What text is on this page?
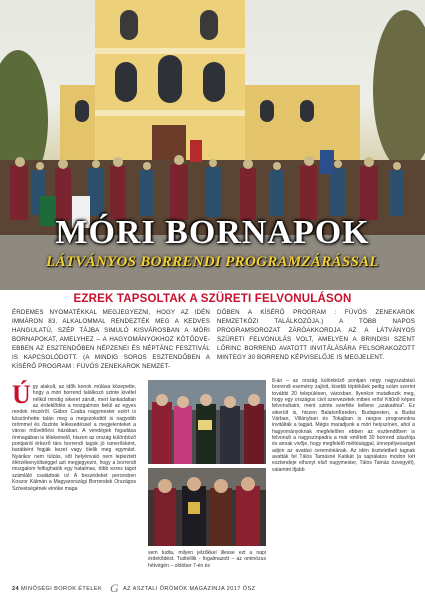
MÓRI BORNAPOK
LÁTVÁNYOS BORRENDI PROGRAMZÁRÁSSAL
EZREK TAPSOLTAK A SZÜRETI FELVONULÁSON
ÉRDEMES NYOMATÉKKAL MEGJEGYEZNI, HOGY AZ IDÉN IMMÁRON 83. ALKALOMMAL RENDEZTÉK MEG A KEDVES HANGULATÚ, SZÉP TÁJBA SIMULÓ KISVÁROSBAN A MÓRI BORNAPOKAT, AMELYHEZ – A HAGYOMÁNYOKHOZ KÖTŐDVE- EBBEN AZ ESZTENDŐBEN NÉPZENEI ÉS NÉPTÁNC FESZTIVÁL IS KAPCSOLÓDOTT. (A MINDIG SOROS ESZTENDŐBEN A KÍSÉRŐ PROGRAM : FÚVÓS ZENEKAROK NEMZET-
DŐBEN A KÍSÉRŐ PROGRAM : FÚVÓS ZENEKAROK NEMZETKÖZI TALÁLKOZÓJA.) A TÖBB NAPOS PROGRAMSOROZAT ZÁRÓAKKORDJA AZ A LÁTVÁNYOS SZÜRETI FELVONULÁS VOLT, AMELYEN A BRINDISI SZENT LŐRINC BORREND AVATOTT INVITÁLÁSÁRA FELSORAKOZOTT MINTEGY 30 BORREND KÉPVISELŐJE IS MEGJELENT.
Ú gy alakult, az idők konok múlása közepette, hogy a móri borrend találkozó szinte kivétel nélkül mindig sikeret zárult, mert lankadatlan az érdeklődés a mozgalmon belül az egyes rendek részéről. Gábor Csaba nagymester ezért is köszönhette talán meg a megszokottól is nagyobb örömmel és őszinte lelkesedéssel a megjelenteket a városi műveltőési házában. A vendégek fogadása önmagában is lélekemelő, hiszen az ország különböző pontjairól érkező társ borrendi tagok jó ismerősként, barátként fogják kezet vagy ölelik meg egymást. Nyárikor nem túlzás, sőt helyénvaló nem lepleztett élérzékenyültséggel azt megjegyezni, hogy a borrendi mozgalom felfoghatók egy hatalmas, több ezres tagot számláló családnak is! A beszédeket percesben Koszor Kálmán a Magyarországi Borrendek Országos Szövetségének elnöke maga
sem tudta, milyen jelzőkkel illesse ezt a napi érdekődést. Tudniillik - fogalmazott – az ominózus hétvégén – október 7-én és
8-án – az ország különböző pontjain négy nagyszabású borrendi esemény zajlott, kisebb léptékűek pedig szám szerint további 20 településen, városban. Ilyenkor mutatkozik meg, hogy egy országos civil szervezetek miben erős! Kitűnő képes felvonultatni, ment szinte ezerféle kellene „szakadnia". Ez sikerült is, hiszen Balatonfüreden, Budapesten, a Budai Várban, Villányban és Tokajban is rangos programokra invitálták a tagjait. Mégis maradjunk a móri helyszínen, ahol a hagyományoknak megfelelően ebben az esztendőben is felvonult a nagyszínpadra a már említett 30 borrend zászlója és annak vivője, hogy megfelelő méltósággal, ünnepélyességet adjon az avatási ceremóniának. Az idén tiszteletbeli tagnak avatták fel Tálos Tamásné Katikát (a sajnálatos módon két esztendeje elhunyt első nagymester, Tálos Tamás özvegyét), valamint ifjabb
24 MINŐSÉGI BOROK ÉTELEK G AZ ASZTALI ÖRÖMÖK MAGAZINJA 2017 ŐSZ
